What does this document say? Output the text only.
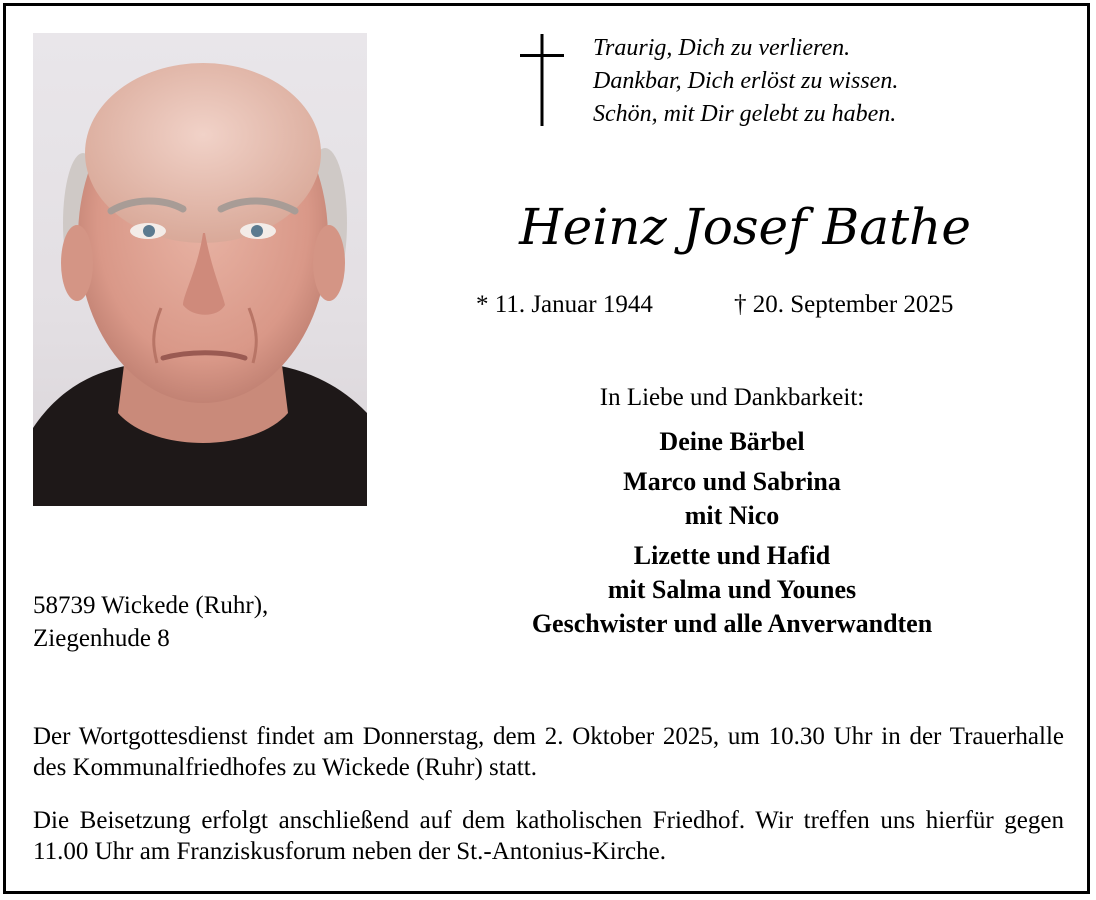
Traurig, Dich zu verlieren.
Dankbar, Dich erlöst zu wissen.
Schön, mit Dir gelebt zu haben.
Heinz Josef Bathe
* 11. Januar 1944	† 20. September 2025
In Liebe und Dankbarkeit:
Deine Bärbel
Marco und Sabrina
mit Nico
Lizette und Hafid
mit Salma und Younes
Geschwister und alle Anverwandten
58739 Wickede (Ruhr),
Ziegenhude 8
Der Wortgottesdienst findet am Donnerstag, dem 2. Oktober 2025, um 10.30 Uhr in der Trauerhalle des Kommunalfriedhofes zu Wickede (Ruhr) statt.
Die Beisetzung erfolgt anschließend auf dem katholischen Friedhof. Wir treffen uns hierfür gegen 11.00 Uhr am Franziskusforum neben der St.-Antonius-Kirche.
